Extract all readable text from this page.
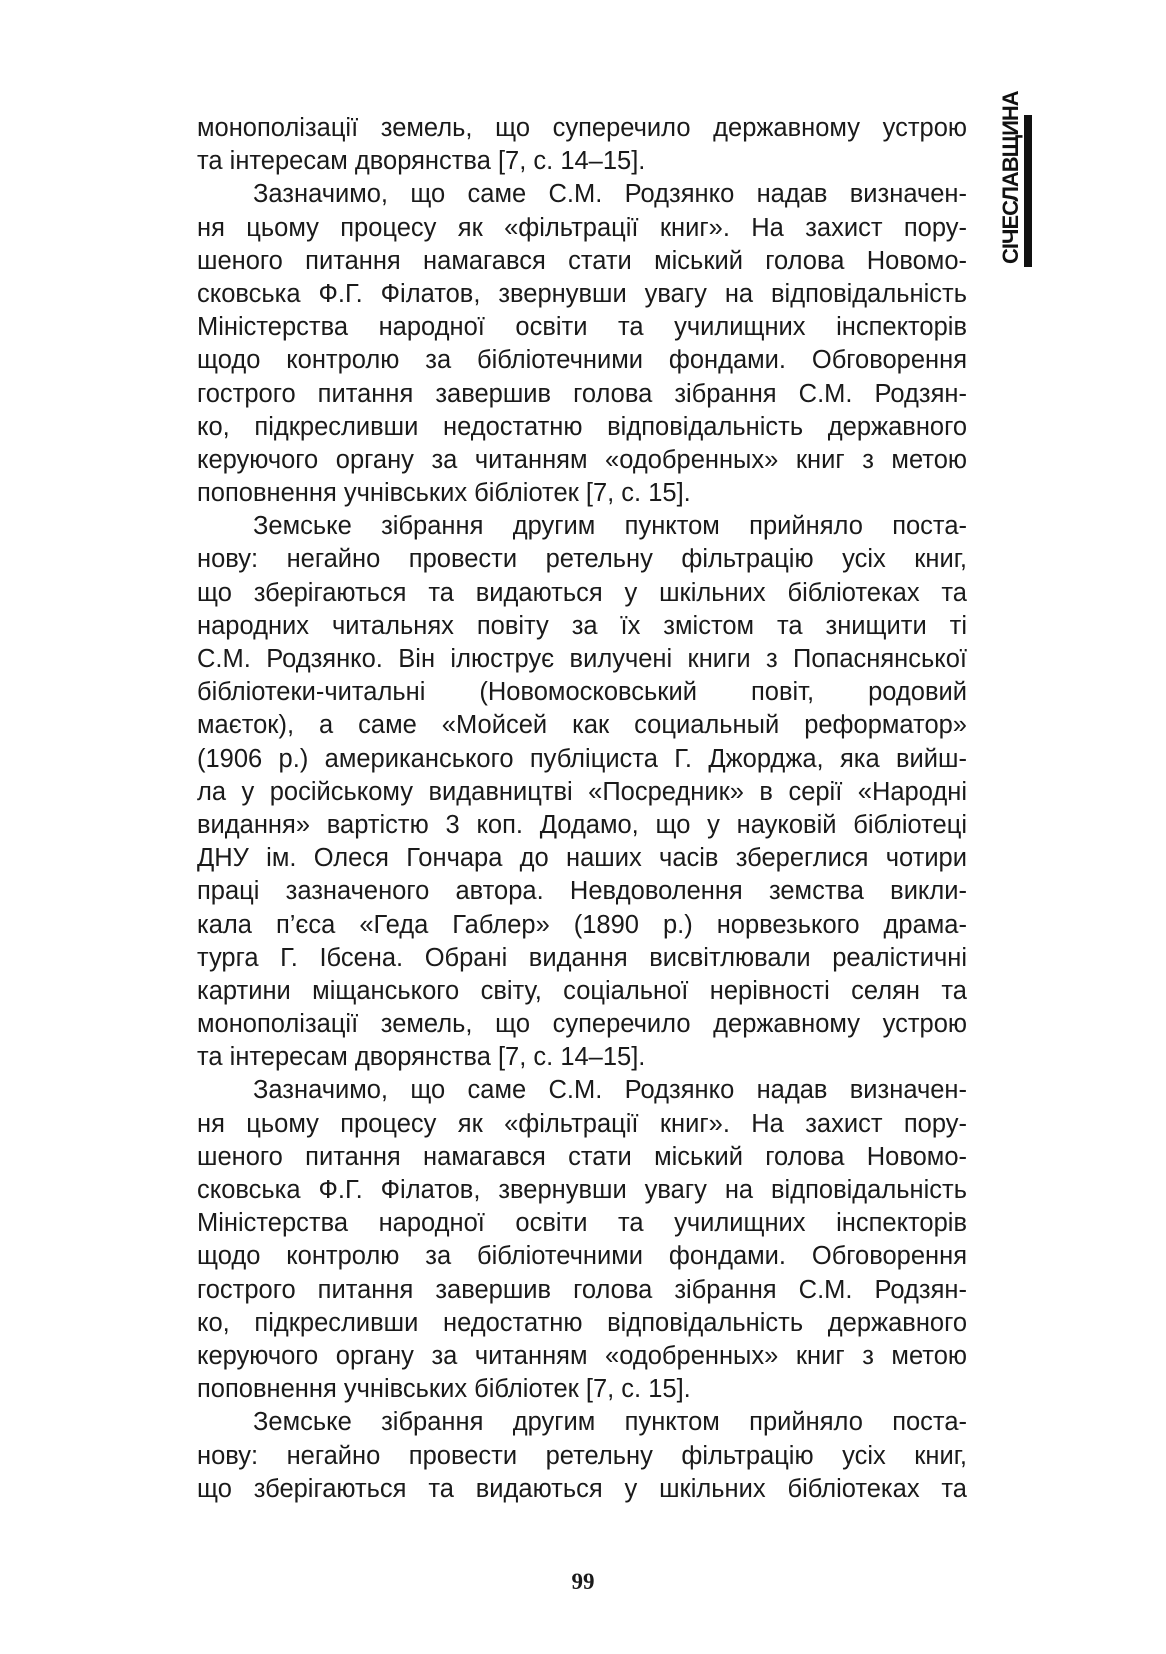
СІЧЕСЛАВЩИНА
монополізації земель, що суперечило державному устрою
та інтересам дворянства [7, с. 14–15].
Зазначимо, що саме С.М. Родзянко надав визначен-
ня цьому процесу як «фільтрації книг». На захист пору-
шеного питання намагався стати міський голова Новомо-
сковська Ф.Г. Філатов, звернувши увагу на відповідальність
Міністерства народної освіти та училищних інспекторів
щодо контролю за бібліотечними фондами. Обговорення
гострого питання завершив голова зібрання С.М. Родзян-
ко, підкресливши недостатню відповідальність державного
керуючого органу за читанням «одобренных» книг з метою
поповнення учнівських бібліотек [7, с. 15].
Земське зібрання другим пунктом прийняло поста-
нову: негайно провести ретельну фільтрацію усіх книг,
що зберігаються та видаються у шкільних бібліотеках та
народних читальнях повіту за їх змістом та знищити ті
С.М. Родзянко. Він ілюструє вилучені книги з Попаснянської
бібліотеки-читальні (Новомосковський повіт, родовий
маєток), а саме «Мойсей как социальный реформатор»
(1906 р.) американського публіциста Г. Джорджа, яка вийш-
ла у російському видавництві «Посредник» в серії «Народні
видання» вартістю 3 коп. Додамо, що у науковій бібліотеці
ДНУ ім. Олеся Гончара до наших часів збереглися чотири
праці зазначеного автора. Невдоволення земства викли-
кала п’єса «Геда Габлер» (1890 р.) норвезького драма-
турга Г. Ібсена. Обрані видання висвітлювали реалістичні
картини міщанського світу, соціальної нерівності селян та
монополізації земель, що суперечило державному устрою
та інтересам дворянства [7, с. 14–15].
Зазначимо, що саме С.М. Родзянко надав визначен-
ня цьому процесу як «фільтрації книг». На захист пору-
шеного питання намагався стати міський голова Новомо-
сковська Ф.Г. Філатов, звернувши увагу на відповідальність
Міністерства народної освіти та училищних інспекторів
щодо контролю за бібліотечними фондами. Обговорення
гострого питання завершив голова зібрання С.М. Родзян-
ко, підкресливши недостатню відповідальність державного
керуючого органу за читанням «одобренных» книг з метою
поповнення учнівських бібліотек [7, с. 15].
Земське зібрання другим пунктом прийняло поста-
нову: негайно провести ретельну фільтрацію усіх книг,
що зберігаються та видаються у шкільних бібліотеках та
99
